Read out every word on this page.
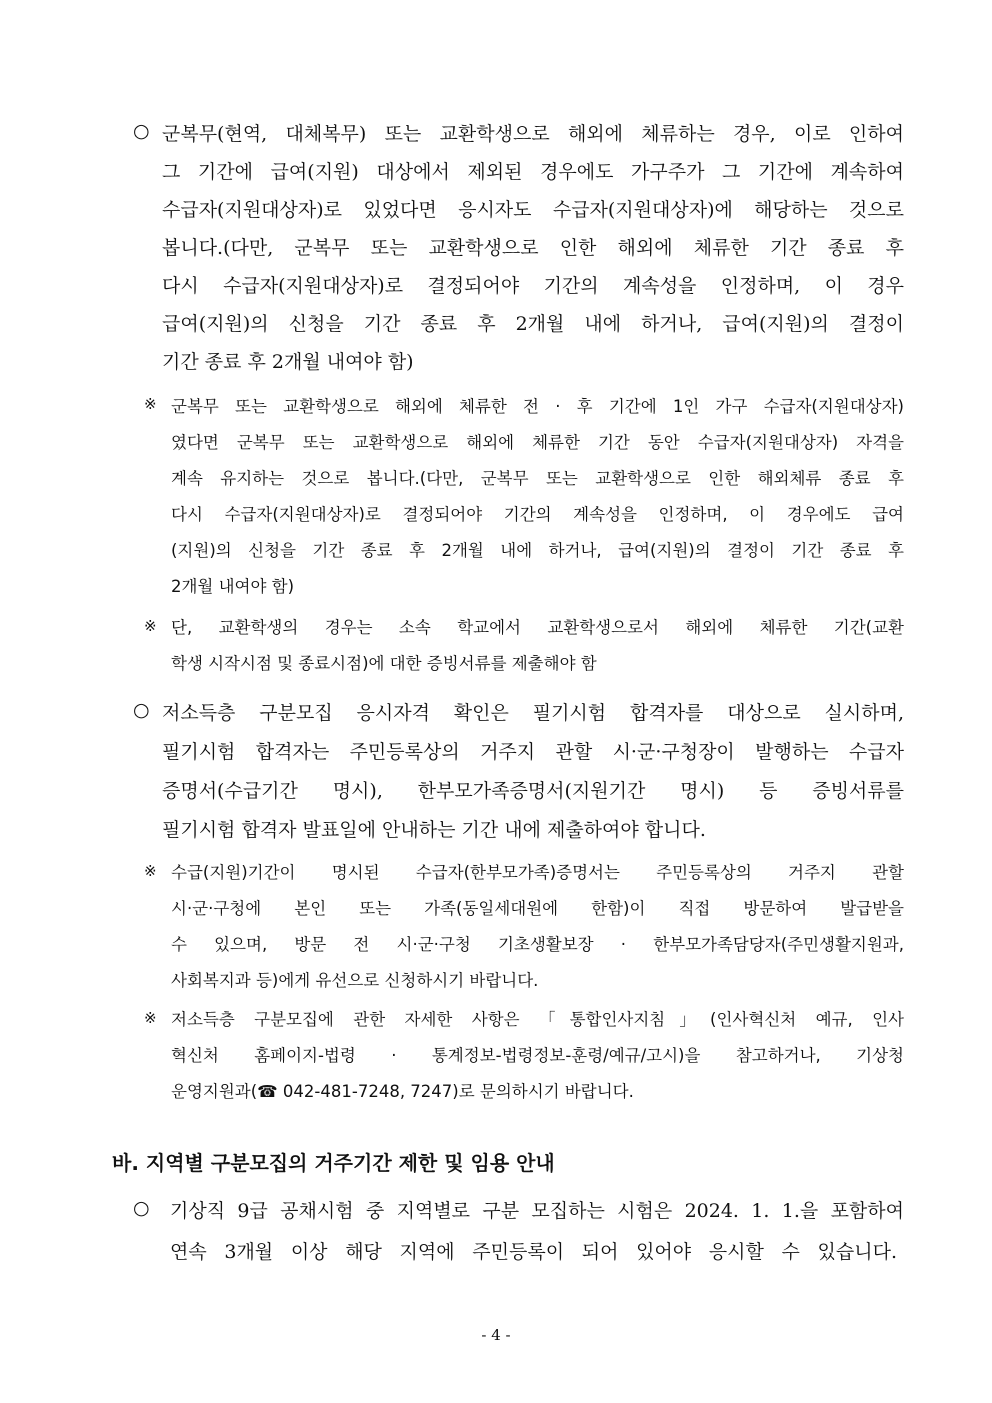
○ 군복무(현역, 대체복무) 또는 교환학생으로 해외에 체류하는 경우, 이로 인하여
그 기간에 급여(지원) 대상에서 제외된 경우에도 가구주가 그 기간에 계속하여
수급자(지원대상자)로 있었다면 응시자도 수급자(지원대상자)에 해당하는 것으로
봅니다.(다만, 군복무 또는 교환학생으로 인한 해외에 체류한 기간 종료 후
다시 수급자(지원대상자)로 결정되어야 기간의 계속성을 인정하며, 이 경우
급여(지원)의 신청을 기간 종료 후 2개월 내에 하거나, 급여(지원)의 결정이
기간 종료 후 2개월 내여야 함)
※ 군복무 또는 교환학생으로 해외에 체류한 전 · 후 기간에 1인 가구 수급자(지원대상자)
였다면 군복무 또는 교환학생으로 해외에 체류한 기간 동안 수급자(지원대상자) 자격을
계속 유지하는 것으로 봅니다.(다만, 군복무 또는 교환학생으로 인한 해외체류 종료 후
다시 수급자(지원대상자)로 결정되어야 기간의 계속성을 인정하며, 이 경우에도 급여
(지원)의 신청을 기간 종료 후 2개월 내에 하거나, 급여(지원)의 결정이 기간 종료 후
2개월 내여야 함)
※ 단, 교환학생의 경우는 소속 학교에서 교환학생으로서 해외에 체류한 기간(교환
학생 시작시점 및 종료시점)에 대한 증빙서류를 제출해야 함
○ 저소득층 구분모집 응시자격 확인은 필기시험 합격자를 대상으로 실시하며,
필기시험 합격자는 주민등록상의 거주지 관할 시·군·구청장이 발행하는 수급자
증명서(수급기간 명시), 한부모가족증명서(지원기간 명시) 등 증빙서류를
필기시험 합격자 발표일에 안내하는 기간 내에 제출하여야 합니다.
※ 수급(지원)기간이 명시된 수급자(한부모가족)증명서는 주민등록상의 거주지 관할
시·군·구청에 본인 또는 가족(동일세대원에 한함)이 직접 방문하여 발급받을
수 있으며, 방문 전 시·군·구청 기초생활보장 · 한부모가족담당자(주민생활지원과,
사회복지과 등)에게 유선으로 신청하시기 바랍니다.
※ 저소득층 구분모집에 관한 자세한 사항은 「통합인사지침」(인사혁신처 예규, 인사
혁신처 홈페이지-법령 · 통계정보-법령정보-훈령/예규/고시)을 참고하거나, 기상청
운영지원과(☎ 042-481-7248, 7247)로 문의하시기 바랍니다.
바. 지역별 구분모집의 거주기간 제한 및 임용 안내
○ 기상직 9급 공채시험 중 지역별로 구분 모집하는 시험은 2024. 1. 1.을 포함하여
연속 3개월 이상 해당 지역에 주민등록이 되어 있어야 응시할 수 있습니다.
- 4 -
